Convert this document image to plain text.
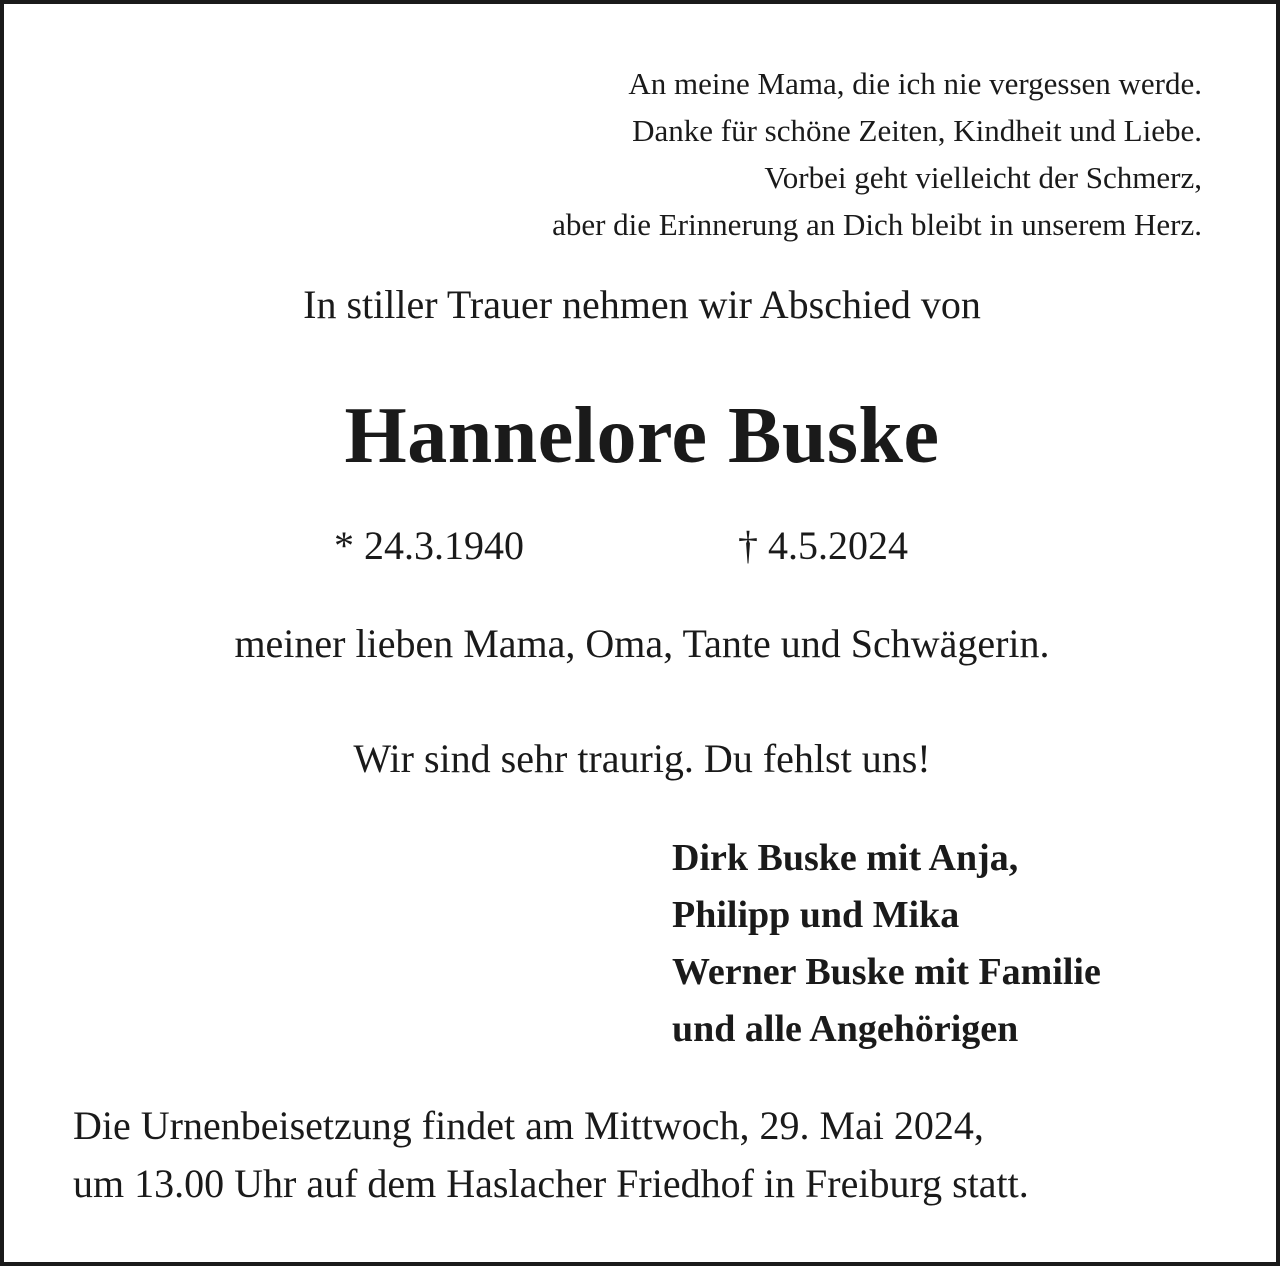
An meine Mama, die ich nie vergessen werde.
Danke für schöne Zeiten, Kindheit und Liebe.
Vorbei geht vielleicht der Schmerz,
aber die Erinnerung an Dich bleibt in unserem Herz.
In stiller Trauer nehmen wir Abschied von
Hannelore Buske
* 24.3.1940	† 4.5.2024
meiner lieben Mama, Oma, Tante und Schwägerin.
Wir sind sehr traurig. Du fehlst uns!
Dirk Buske mit Anja,
Philipp und Mika
Werner Buske mit Familie
und alle Angehörigen
Die Urnenbeisetzung findet am Mittwoch, 29. Mai 2024,
um 13.00 Uhr auf dem Haslacher Friedhof in Freiburg statt.
